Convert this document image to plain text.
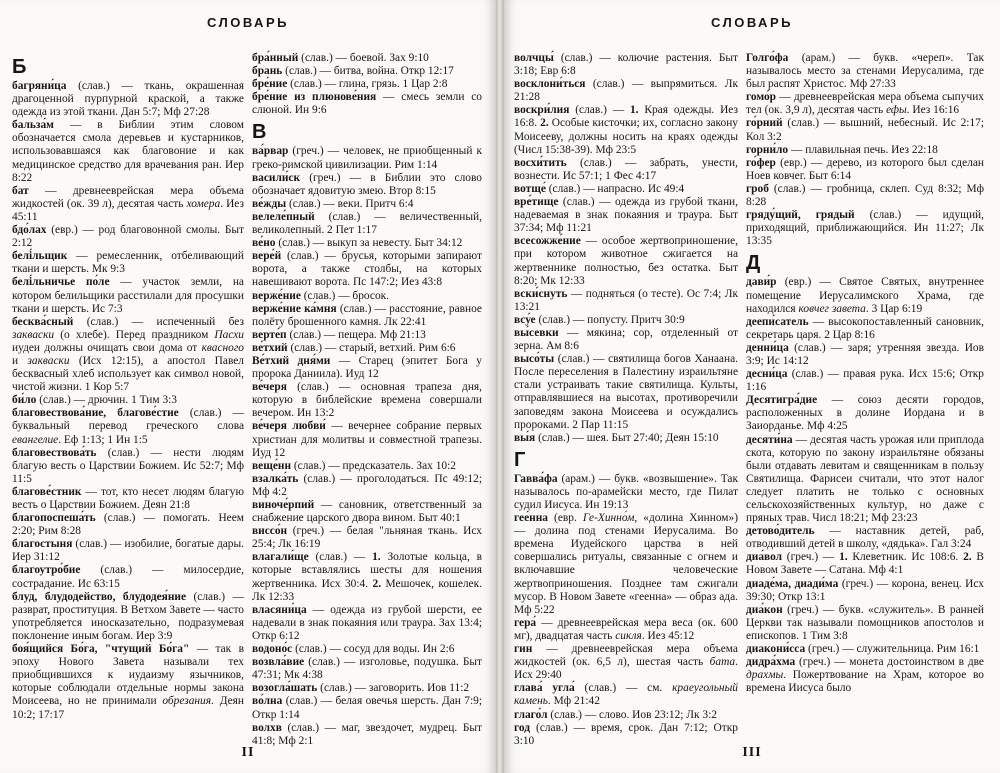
СЛОВАРЬ
Б

багряни́ца (слав.) — ткань, окрашенная драгоценной пурпурной краской, а также одежда из этой ткани. Дан 5:7; Мф 27:28

бальза́м — в Библии этим словом обозначается смола деревьев и кустарников, использовавшаяся как благовоние и как медицинское средство для врачевания ран. Иер 8:22

бат — древнееврейская мера объема жидкостей (ок. 39 л), десятая часть хомера. Иез 45:11

бдо́лах (евр.) — род благовонной смолы. Быт 2:12

белі́льщик — ремесленник, отбеливающий ткани и шерсть. Мк 9:3

белі́льничье по́ле — участок земли, на котором белильщики расстилали для просушки ткани и шерсть. Ис 7:3

бесква́сный (слав.) — испеченный без закваски (о хлебе). Перед праздником Пасхи иудеи должны очищать свои дома от квасного и закваски (Исх 12:15), а апостол Павел бесквасный хлеб использует как символ новой, чистой жизни. 1 Кор 5:7

би́ло (слав.) — дрючин. 1 Тим 3:3

благовествова́ние, благове́стие (слав.) — буквальный перевод греческого слова евангелие. Еф 1:13; 1 Ин 1:5

благовествова́ть (слав.) — нести людям благую весть о Царствии Божием. Ис 52:7; Мф 11:5

благове́стник — тот, кто несет людям благую весть о Царствии Божием. Деян 21:8

благопоспеша́ть (слав.) — помогать. Неем 2:20; Рим 8:28

благостыня (слав.) — изобилие, богатые дары. Иер 31:12

благоутро́бие (слав.) — милосердие, сострадание. Ис 63:15

блуд, блудодейство, блудодея́ние (слав.) — разврат, проституция. В Ветхом Завете — часто употребляется иносказательно, подразумевая поклонение иным богам. Иер 3:9

боя́щийся Бо́га, "чтущий Бо́га" — так в эпоху Нового Завета называли тех приобщившихся к иудаизму язычников, которые соблюдали отдельные нормы закона Моисеева, но не принимали обрезания. Деян 10:2; 17:17

бра́нный (слав.) — боевой. Зах 9:10

брань (слав.) — битва, война. Откр 12:17

бре́ние (слав.) — глина, грязь. 1 Цар 2:8

бре́ние из плюнове́ния — смесь земли со слюной. Ин 9:6

В

ва́рвар (греч.) — человек, не приобщенный к греко-римской цивилизации. Рим 1:14

васили́ск (греч.) — в Библии это слово обозначает ядовитую змею. Втор 8:15

ве́жды (слав.) — веки. Притч 6:4

велеле́пный (слав.) — величественный, великолепный. 2 Пет 1:17

ве́но (слав.) — выкуп за невесту. Быт 34:12

вере́й (слав.) — брусья, которыми запирают ворота, а также столбы, на которых навешивают ворота. Пс 147:2; Иез 43:8

верже́ние (слав.) — бросок.

верже́ние ка́мня (слав.) — расстояние, равное полёту брошенного камня. Лк 22:41

верте́п (слав.) — пещера. Мф 21:13

ве́тхий (слав.) — старый, ветхий. Рим 6:6

Ве́тхий дня́ми — Старец (эпитет Бога у пророка Даниила). Иуд 12

ве́черя (слав.) — основная трапеза дня, которую в библейские времена совершали вечером. Ин 13:2

ве́черя любви́ — вечернее собрание первых христиан для молитвы и совместной трапезы. Иуд 12

веще́нн (слав.) — предсказатель. Зах 10:2

взалка́ть (слав.) — проголодаться. Пс 49:12; Мф 4:2

виноче́рпий — сановник, ответственный за снабжение царского двора вином. Быт 40:1

виссо́н (греч.) — белая "льняная ткань. Исх 25:4; Лк 16:19

влагали́ще (слав.) — 1. Золотые кольца, в которые вставлялись шесты для ношения жертвенника. Исх 30:4. 2. Мешочек, кошелек. Лк 12:33

власяни́ца — одежда из грубой шерсти, ее надевали в знак покаяния или траура. Зах 13:4; Откр 6:12

водоно́с (слав.) — сосуд для воды. Ин 2:6

возвла́вие (слав.) — изголовье, подушка. Быт 47:31; Мк 4:38

возогла́шать (слав.) — заговорить. Иов 11:2

во́лна (слав.) — белая овечья шерсть. Дан 7:9; Откр 1:14

волхв (слав.) — маг, звездочет, мудрец. Быт 41:8; Мф 2:1

II
СЛОВАРЬ

волчцы́ (слав.) — колючие растения. Быт 3:18; Евр 6:8

восклони́ться (слав.) — выпрямиться. Лк 21:28

воскри́лия (слав.) — 1. Края одежды. Иез 16:8. 2. Особые кисточки; их, согласно закону Моисееву, должны носить на краях одежды (Числ 15:38-39). Мф 23:5

восхи́тить (слав.) — забрать, унести, вознести. Ис 57:1; 1 Фес 4:17

вотще́ (слав.) — напрасно. Ис 49:4

вре́тище (слав.) — одежда из грубой ткани, надеваемая в знак покаяния и траура. Быт 37:34; Мф 11:21

всесожже́ние — особое жертвоприношение, при котором животное сжигается на жертвеннике полностью, без остатка. Быт 8:20; Мк 12:33

вски́снуть — подняться (о тесте). Ос 7:4; Лк 13:21

всу́е (слав.) — попусту. Притч 30:9

вы́севки — мякина; сор, отделенный от зерна. Ам 8:6

высо́ты (слав.) — святилища богов Ханаана. После переселения в Палестину израильтяне стали устраивать такие святилища. Культы, отправлявшиеся на высотах, противоречили заповедям закона Моисеева и осуждались пророками. 2 Пар 11:15

вы́я (слав.) — шея. Быт 27:40; Деян 15:10

Г

Гавва́фа (арам.) — букв. «возвышение». Так называлось по-арамейски место, где Пилат судил Иисуса. Ин 19:13

гее́нна (евр. Ге-Хинно́м, «долина Хинном») — долина под стенами Иерусалима. Во времена Иудейского царства в ней совершались ритуалы, связанные с огнем и включавшие человеческие жертвоприношения. Позднее там сжигали мусор. В Новом Завете «геенна» — образ ада. Мф 5:22

гера́ — древнееврейская мера веса (ок. 600 мг), двадцатая часть сикля. Иез 45:12

гин — древнееврейская мера объема жидкостей (ок. 6,5 л), шестая часть бата. Исх 29:40

глава́ угла́ (слав.) — см. краеугольный камень. Мф 21:42

глаго́л (слав.) — слово. Иов 23:12; Лк 3:2

год (слав.) — время, срок. Дан 7:12; Откр 3:10

Голго́фа (арам.) — букв. «череп». Так называлось место за стенами Иерусалима, где был распят Христос. Мф 27:33

гомо́р — древнееврейская мера объема сыпучих тел (ок. 3,9 л), десятая часть ефы. Иез 16:16

го́рний (слав.) — вышний, небесный. Ис 2:17; Кол 3:2

горни́ло — плавильная печь. Иез 22:18

го́фер (евр.) — дерево, из которого был сделан Ноев ковчег. Быт 6:14

гроб (слав.) — гробница, склеп. Суд 8:32; Мф 8:28

гряду́щий, грядый (слав.) — идущий, приходящий, приближающийся. Ин 11:27; Лк 13:35

Д

дави́р (евр.) — Святое Святых, внутреннее помещение Иерусалимского Храма, где находился ковчег завета. 3 Цар 6:19

деепи́сатель — высокопоставленный сановник, секретарь царя. 2 Цар 8:16

денни́ца (слав.) — заря; утренняя звезда. Иов 3:9; Ис 14:12

десни́ца (слав.) — правая рука. Исх 15:6; Откр 1:16

Десятигра́дие — союз десяти городов, расположенных в долине Иордана и в Заиорданье. Мф 4:25

десяти́на — десятая часть урожая или приплода скота, которую по закону израильтяне обязаны были отдавать левитам и священникам в пользу Святилища. Фарисеи считали, что этот налог следует платить не только с основных сельскохозяйственных культур, но даже с пряных трав. Числ 18:21; Мф 23:23

детово́дитель — наставник детей, раб, отводивший детей в школу, «дядька». Гал 3:24

диа́вол (греч.) — 1. Клеветник. Ис 108:6. 2. В Новом Завете — Сатана. Мф 4:1

диаде́ма, диади́ма (греч.) — корона, венец. Исх 39:30; Откр 13:1

диа́кон (греч.) — букв. «служитель». В ранней Церкви так называли помощников апостолов и епископов. 1 Тим 3:8

диакони́сса (греч.) — служительница. Рим 16:1

дидра́хма (греч.) — монета достоинством в две драхмы. Пожертвование на Храм, которое во времена Иисуса было

III
